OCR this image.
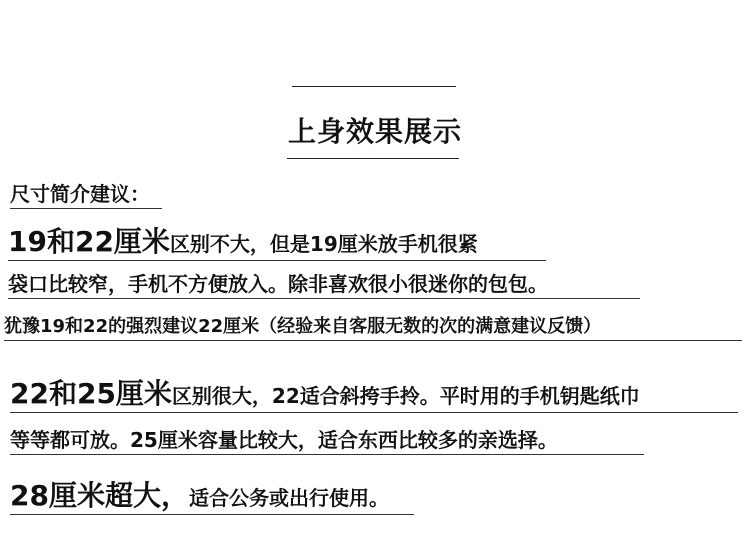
上身效果展示
尺寸简介建议：
19和22厘米区别不大，但是19厘米放手机很紧
袋口比较窄，手机不方便放入。除非喜欢很小很迷你的包包。
犹豫19和22的强烈建议22厘米（经验来自客服无数的次的满意建议反馈）
22和25厘米区别很大，22适合斜挎手拎。平时用的手机钥匙纸巾
等等都可放。25厘米容量比较大，适合东西比较多的亲选择。
28厘米超大，适合公务或出行使用。
